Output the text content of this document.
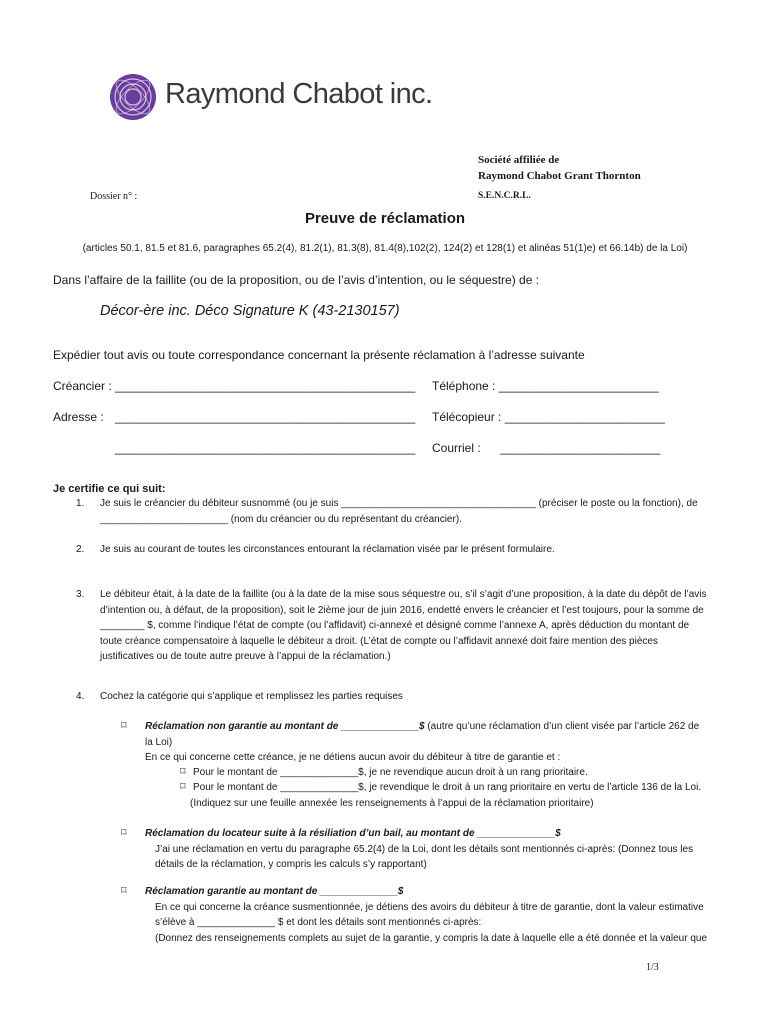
Raymond Chabot inc.
Société affiliée de
Raymond Chabot Grant Thornton
S.E.N.C.R.L.
Dossier n° :
Preuve de réclamation
(articles 50.1, 81.5 et 81.6, paragraphes 65.2(4), 81.2(1), 81.3(8), 81.4(8),102(2), 124(2) et 128(1) et alinéas 51(1)e) et 66.14b) de la Loi)
Dans l’affaire de la faillite (ou de la proposition, ou de l’avis d’intention, ou le séquestre) de :
Décor-ère inc. Déco Signature K (43-2130157)
Expédier tout avis ou toute correspondance concernant la présente réclamation à l’adresse suivante
Créancier : _____________________________________________ Téléphone : ________________________
Adresse : _____________________________________________ Télécopieur : ________________________
_____________________________________________ Courriel : ________________________
Je certifie ce qui suit:
1. Je suis le créancier du débiteur susnommé (ou je suis ___________________________________ (préciser le poste ou la fonction), de
_______________________ (nom du créancier ou du représentant du créancier).
2. Je suis au courant de toutes les circonstances entourant la réclamation visée par le présent formulaire.
3. Le débiteur était, à la date de la faillite (ou à la date de la mise sous séquestre ou, s’il s’agit d’une proposition, à la date du dépôt de l’avis
d’intention ou, à défaut, de la proposition), soit le 2ième jour de juin 2016, endetté envers le créancier et l’est toujours, pour la somme de
________ $, comme l’indique l’état de compte (ou l’affidavit) ci-annexé et désigné comme l’annexe A, après déduction du montant de
toute créance compensatoire à laquelle le débiteur a droit. (L’état de compte ou l’affidavit annexé doit faire mention des pièces
justificatives ou de toute autre preuve à l’appui de la réclamation.)
4. Cochez la catégorie qui s’applique et remplissez les parties requises
⌑ Réclamation non garantie au montant de ______________$ (autre qu’une réclamation d’un client visée par l’article 262 de
la Loi)
En ce qui concerne cette créance, je ne détiens aucun avoir du débiteur à titre de garantie et :
⌑ Pour le montant de ______________$, je ne revendique aucun droit à un rang prioritaire.
⌑ Pour le montant de ______________$, je revendique le droit à un rang prioritaire en vertu de l’article 136 de la Loi.
(Indiquez sur une feuille annexée les renseignements à l’appui de la réclamation prioritaire)
⌑ Réclamation du locateur suite à la résiliation d’un bail, au montant de ______________$
J’ai une réclamation en vertu du paragraphe 65.2(4) de la Loi, dont les détails sont mentionnés ci-après: (Donnez tous les
détails de la réclamation, y compris les calculs s’y rapportant)
⌑ Réclamation garantie au montant de ______________$
En ce qui concerne la créance susmentionnée, je détiens des avoirs du débiteur à titre de garantie, dont la valeur estimative
s’élève à ______________ $ et dont les détails sont mentionnés ci-après:
(Donnez des renseignements complets au sujet de la garantie, y compris la date à laquelle elle a été donnée et la valeur que
1/3
